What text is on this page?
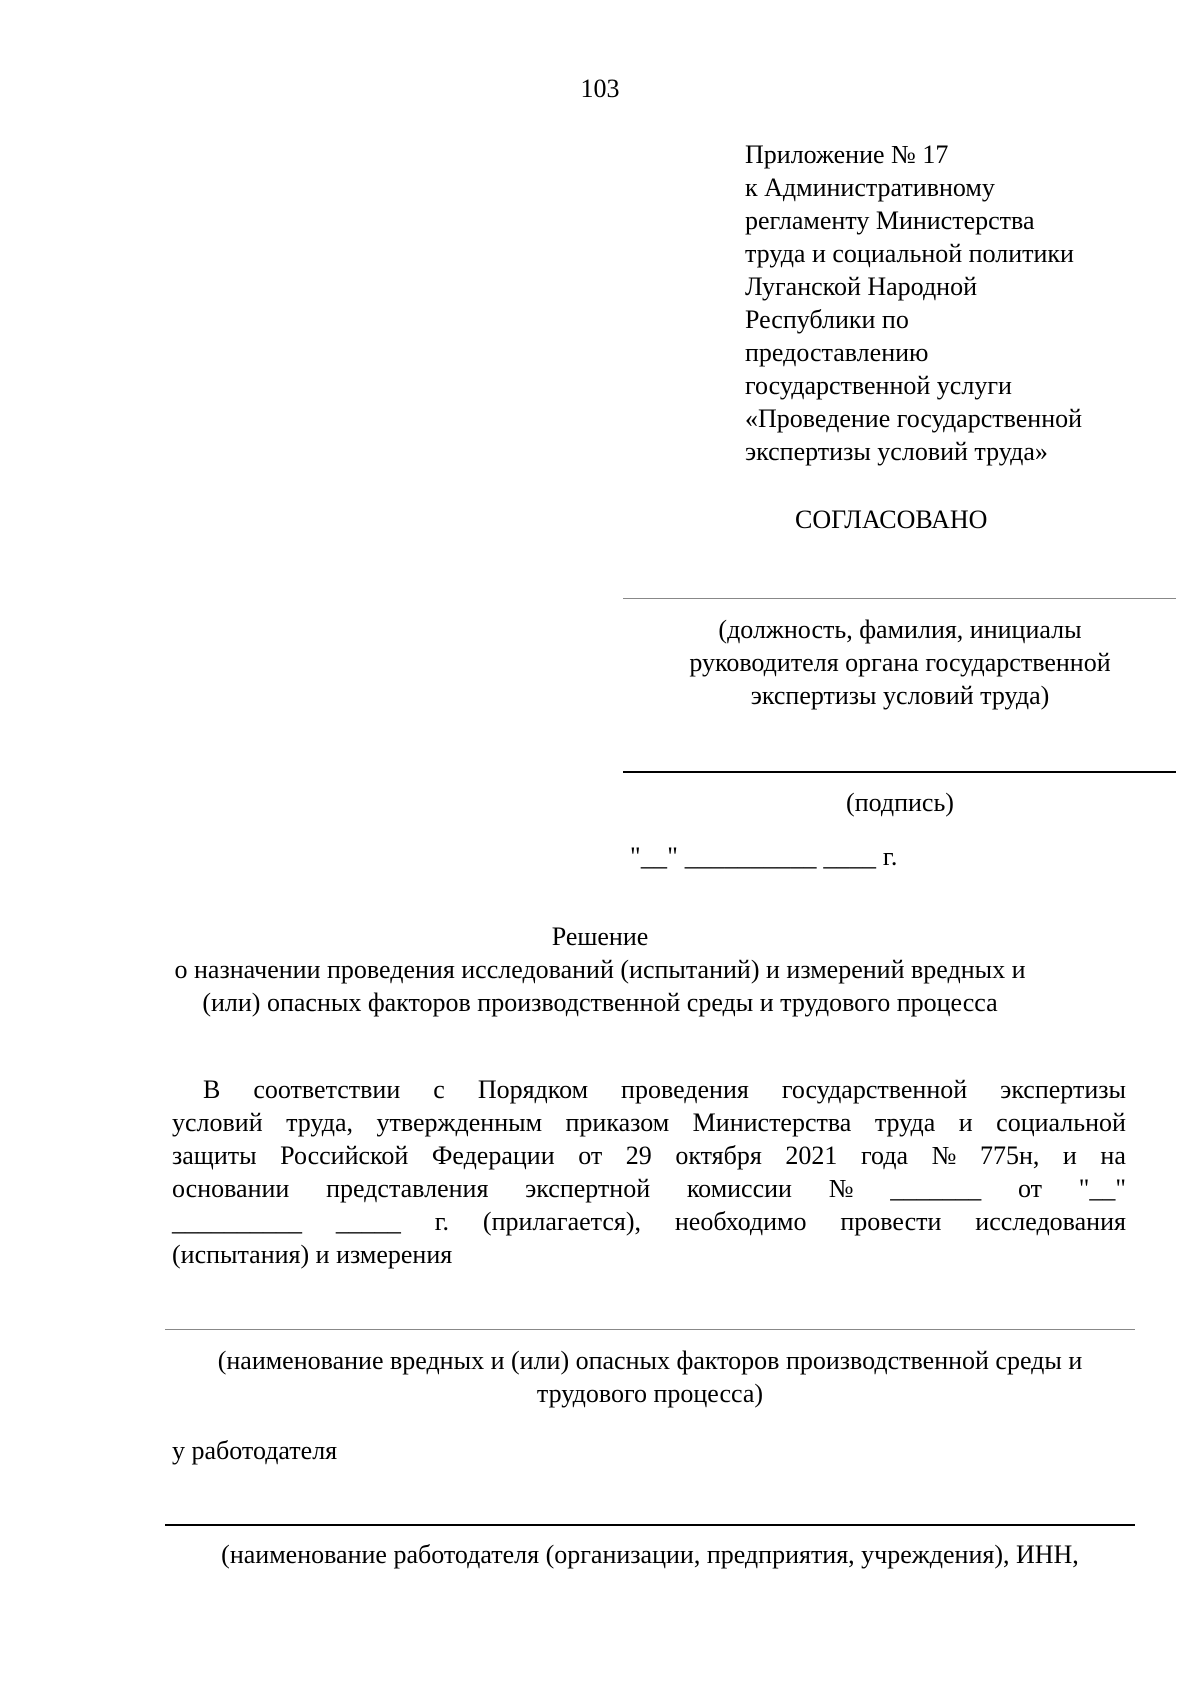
103
Приложение № 17
к Административному
регламенту Министерства
труда и социальной политики
Луганской Народной
Республики по
предоставлению
государственной услуги
«Проведение государственной
экспертизы условий труда»
СОГЛАСОВАНО
(должность, фамилия, инициалы
руководителя органа государственной
экспертизы условий труда)
(подпись)
"__" __________ ____ г.
Решение
о назначении проведения исследований (испытаний) и измерений вредных и
(или) опасных факторов производственной среды и трудового процесса
В соответствии с Порядком проведения государственной экспертизы
условий труда, утвержденным приказом Министерства труда и социальной
защиты Российской Федерации от 29 октября 2021 года № 775н, и на
основании представления экспертной комиссии № _______ от "__"
__________ _____ г. (прилагается), необходимо провести исследования
(испытания) и измерения
(наименование вредных и (или) опасных факторов производственной среды и
трудового процесса)
у работодателя
(наименование работодателя (организации, предприятия, учреждения), ИНН,
